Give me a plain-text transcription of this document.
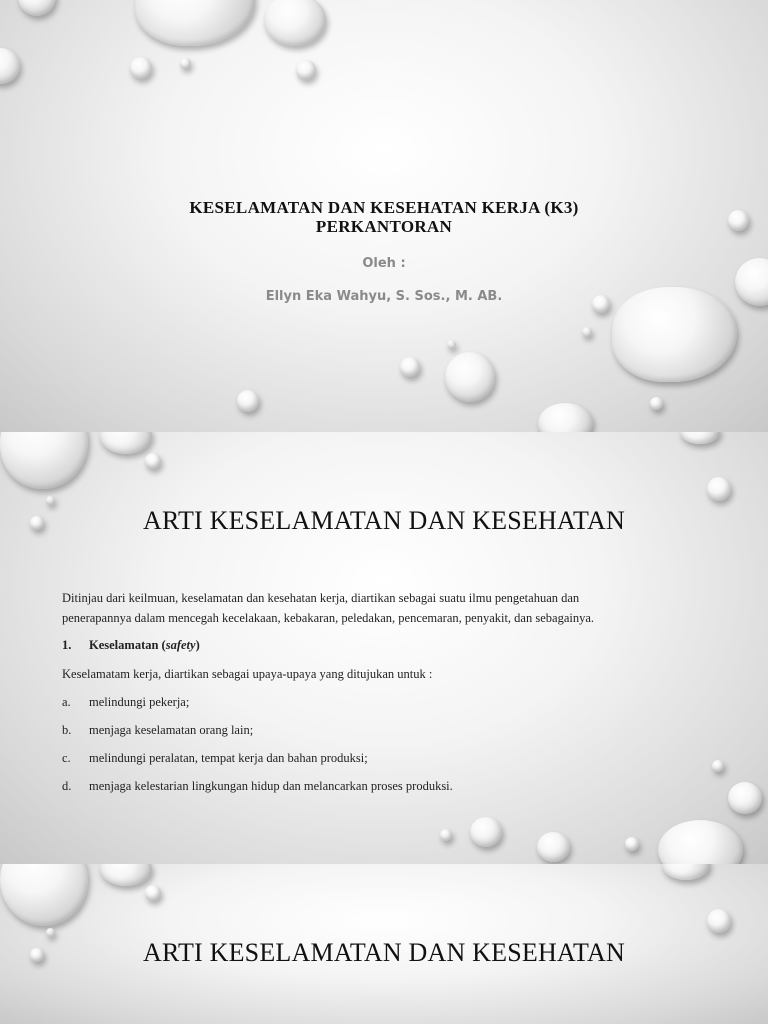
KESELAMATAN DAN KESEHATAN KERJA (K3)
PERKANTORAN
Oleh :
Ellyn Eka Wahyu, S. Sos., M. AB.
ARTI KESELAMATAN DAN KESEHATAN
Ditinjau dari keilmuan, keselamatan dan kesehatan kerja, diartikan sebagai suatu ilmu pengetahuan dan
penerapannya dalam mencegah kecelakaan, kebakaran, peledakan, pencemaran, penyakit, dan sebagainya.
1. Keselamatan (safety)
Keselamatam kerja, diartikan sebagai upaya-upaya yang ditujukan untuk :
a. melindungi pekerja;
b. menjaga keselamatan orang lain;
c. melindungi peralatan, tempat kerja dan bahan produksi;
d. menjaga kelestarian lingkungan hidup dan melancarkan proses produksi.
ARTI KESELAMATAN DAN KESEHATAN
